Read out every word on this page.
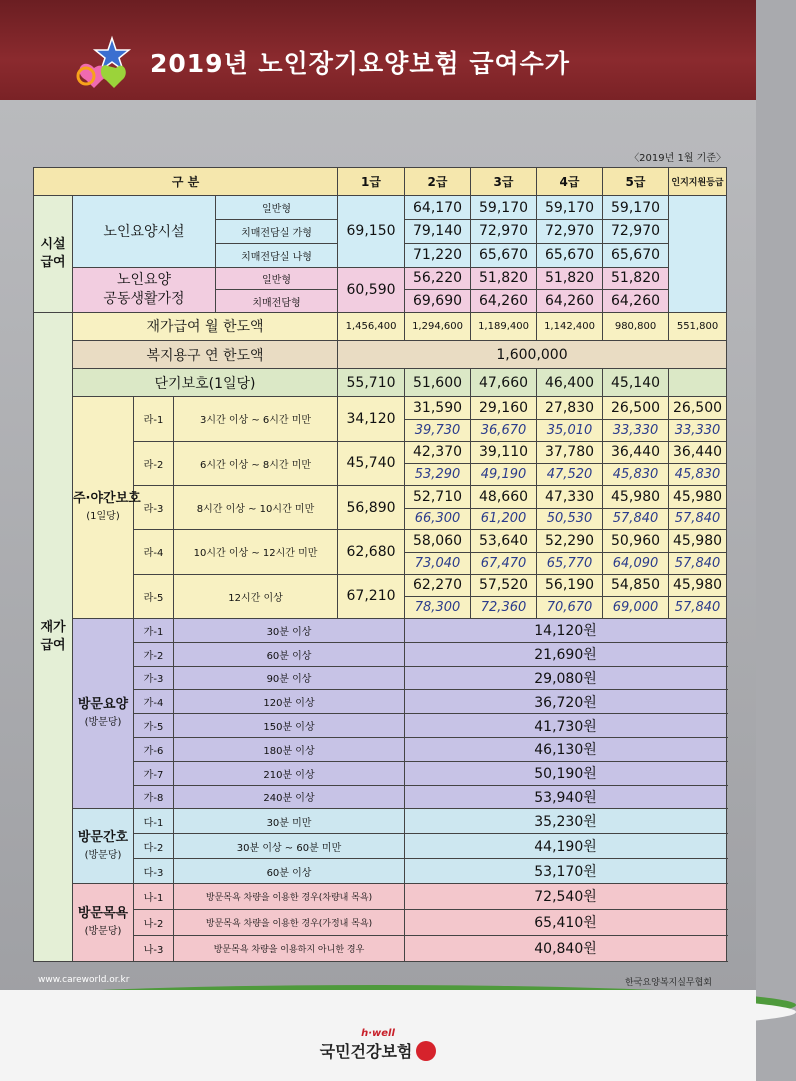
2019년 노인장기요양보험 급여수가
〈2019년 1월 기준〉
구 분					1급	2급	3급	4급	5급	인지지원등급
시설
급여	노인요양시설			일반형	69,150	64,170	59,170	59,170	59,170	
				치매전담실 가형		79,140	72,970	72,970	72,970	
				치매전담실 나형		71,220	65,670	65,670	65,670	
	노인요양
공동생활가정			일반형	60,590	56,220	51,820	51,820	51,820	
				치매전담형		69,690	64,260	64,260	64,260	
재가
급여	재가급여 월 한도액				1,456,400	1,294,600	1,189,400	1,142,400	980,800	551,800
	복지용구 연 한도액				1,600,000					
	단기보호(1일당)				55,710	51,600	47,660	46,400	45,140	
	주·야간보호
(1일당)	라-1	3시간 이상 ~ 6시간 미만		34,120	31,590	29,160	27,830	26,500	26,500
						39,730	36,670	35,010	33,330	33,330
		라-2	6시간 이상 ~ 8시간 미만		45,740	42,370	39,110	37,780	36,440	36,440
						53,290	49,190	47,520	45,830	45,830
		라-3	8시간 이상 ~ 10시간 미만		56,890	52,710	48,660	47,330	45,980	45,980
						66,300	61,200	50,530	57,840	57,840
		라-4	10시간 이상 ~ 12시간 미만		62,680	58,060	53,640	52,290	50,960	45,980
						73,040	67,470	65,770	64,090	57,840
		라-5	12시간 이상		67,210	62,270	57,520	56,190	54,850	45,980
						78,300	72,360	70,670	69,000	57,840
	방문요양
(방문당)	가-1	30분 이상			14,120원				
		가-2	60분 이상			21,690원				
		가-3	90분 이상			29,080원				
		가-4	120분 이상			36,720원				
		가-5	150분 이상			41,730원				
		가-6	180분 이상			46,130원				
		가-7	210분 이상			50,190원				
		가-8	240분 이상			53,940원				
	방문간호
(방문당)	다-1	30분 미만			35,230원				
		다-2	30분 이상 ~ 60분 미만			44,190원				
		다-3	60분 이상			53,170원				
	방문목욕
(방문당)	나-1	방문목욕 차량을 이용한 경우(차량내 목욕)			72,540원				
		나-2	방문목욕 차량을 이용한 경우(가정내 목욕)			65,410원				
		나-3	방문목욕 차량을 이용하지 아니한 경우			40,840원				
www.careworld.or.kr	한국요양복지실무협회
h·well
국민건강보험
